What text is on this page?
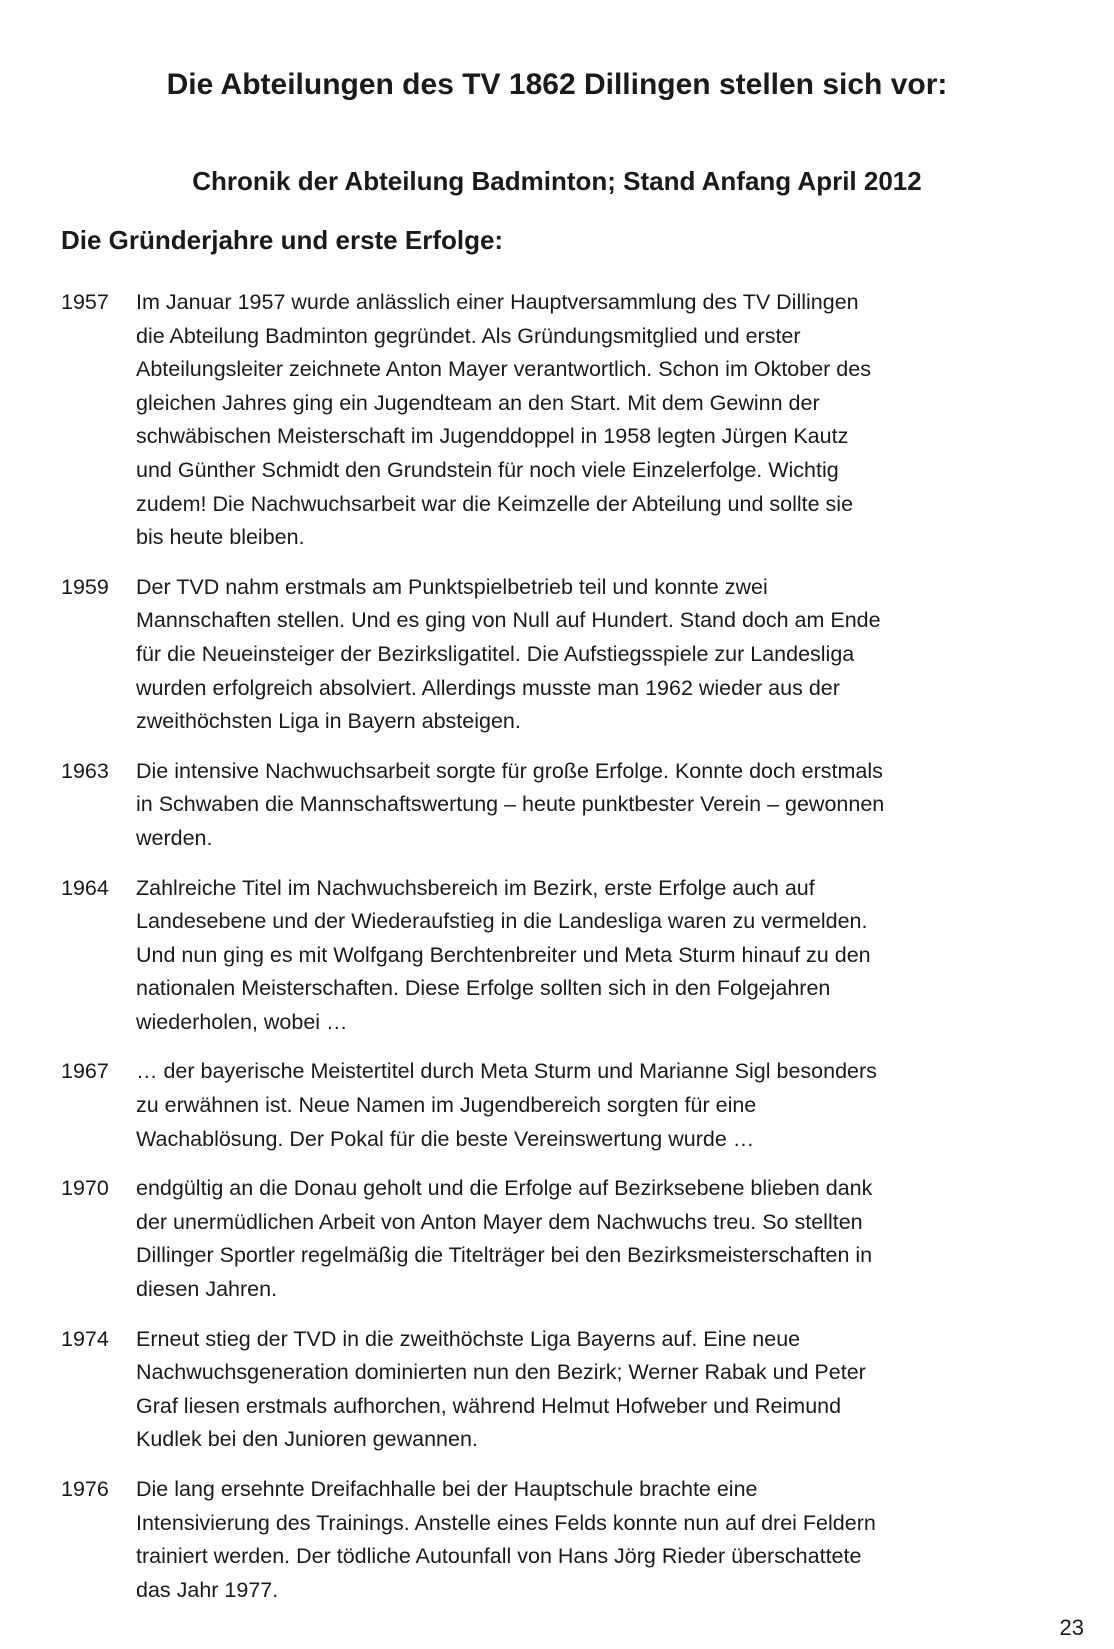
Die Abteilungen des TV 1862 Dillingen stellen sich vor:
Chronik der Abteilung Badminton; Stand Anfang April 2012
Die Gründerjahre und erste Erfolge:
1957	Im Januar 1957 wurde anlässlich einer Hauptversammlung des TV Dillingen
die Abteilung Badminton gegründet. Als Gründungsmitglied und erster
Abteilungsleiter zeichnete Anton Mayer verantwortlich. Schon im Oktober des
gleichen Jahres ging ein Jugendteam an den Start. Mit dem Gewinn der
schwäbischen Meisterschaft im Jugenddoppel in 1958 legten Jürgen Kautz
und Günther Schmidt den Grundstein für noch viele Einzelerfolge. Wichtig
zudem! Die Nachwuchsarbeit war die Keimzelle der Abteilung und sollte sie
bis heute bleiben.
1959	Der TVD nahm erstmals am Punktspielbetrieb teil und konnte zwei
Mannschaften stellen. Und es ging von Null auf Hundert. Stand doch am Ende
für die Neueinsteiger der Bezirksligatitel. Die Aufstiegsspiele zur Landesliga
wurden erfolgreich absolviert. Allerdings musste man 1962 wieder aus der
zweithöchsten Liga in Bayern absteigen.
1963	Die intensive Nachwuchsarbeit sorgte für große Erfolge. Konnte doch erstmals
in Schwaben die Mannschaftswertung – heute punktbester Verein – gewonnen
werden.
1964	Zahlreiche Titel im Nachwuchsbereich im Bezirk, erste Erfolge auch auf
Landesebene und der Wiederaufstieg in die Landesliga waren zu vermelden.
Und nun ging es mit Wolfgang Berchtenbreiter und Meta Sturm hinauf zu den
nationalen Meisterschaften. Diese Erfolge sollten sich in den Folgejahren
wiederholen, wobei …
1967	… der bayerische Meistertitel durch Meta Sturm und Marianne Sigl besonders
zu erwähnen ist. Neue Namen im Jugendbereich sorgten für eine
Wachablösung. Der Pokal für die beste Vereinswertung wurde …
1970	endgültig an die Donau geholt und die Erfolge auf Bezirksebene blieben dank
der unermüdlichen Arbeit von Anton Mayer dem Nachwuchs treu. So stellten
Dillinger Sportler regelmäßig die Titelträger bei den Bezirksmeisterschaften in
diesen Jahren.
1974	Erneut stieg der TVD in die zweithöchste Liga Bayerns auf. Eine neue
Nachwuchsgeneration dominierten nun den Bezirk; Werner Rabak und Peter
Graf liesen erstmals aufhorchen, während Helmut Hofweber und Reimund
Kudlek bei den Junioren gewannen.
1976	Die lang ersehnte Dreifachhalle bei der Hauptschule brachte eine
Intensivierung des Trainings. Anstelle eines Felds konnte nun auf drei Feldern
trainiert werden. Der tödliche Autounfall von Hans Jörg Rieder überschattete
das Jahr 1977.
23
